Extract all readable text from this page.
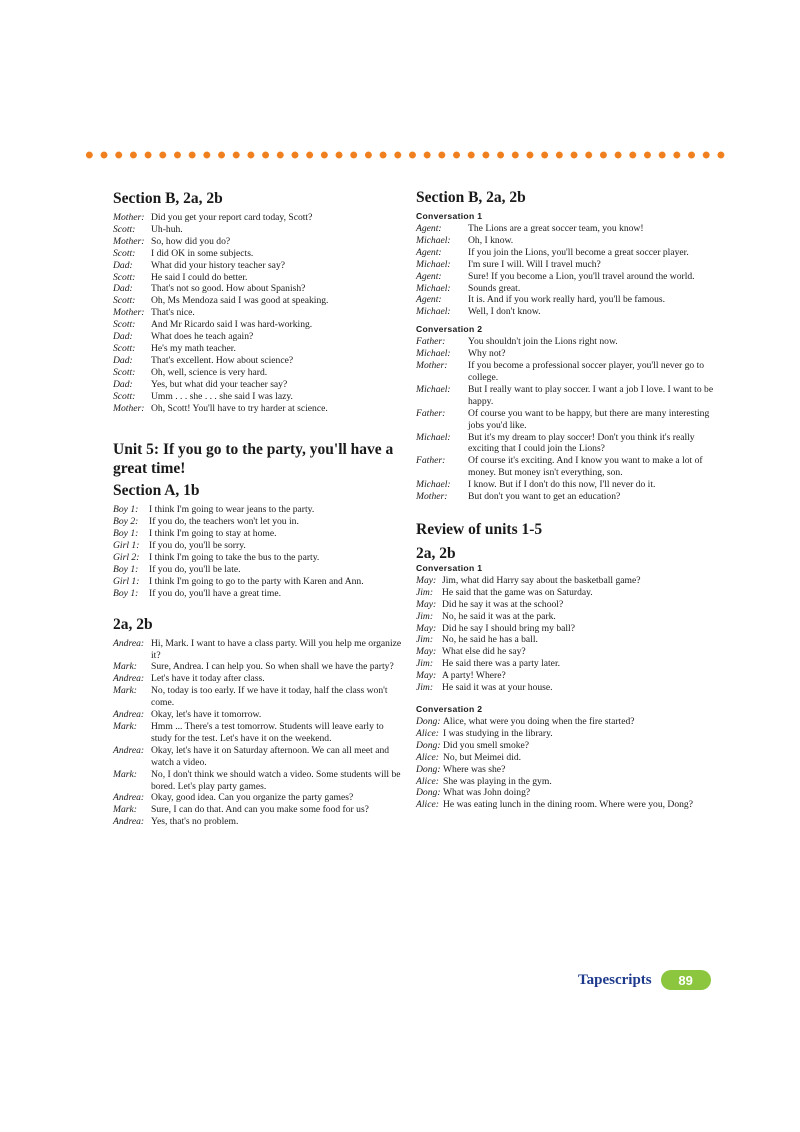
Section B, 2a, 2b
Mother: Did you get your report card today, Scott?
Scott:	Uh-huh.
Mother: So, how did you do?
Scott:	I did OK in some subjects.
Dad:	What did your history teacher say?
Scott:	He said I could do better.
Dad:	That's not so good. How about Spanish?
Scott:	Oh, Ms Mendoza said I was good at speaking.
Mother: That's nice.
Scott:	And Mr Ricardo said I was hard-working.
Dad:	What does he teach again?
Scott:	He's my math teacher.
Dad:	That's excellent. How about science?
Scott:	Oh, well, science is very hard.
Dad:	Yes, but what did your teacher say?
Scott:	Umm . . . she . . . she said I was lazy.
Mother: Oh, Scott! You'll have to try harder at science.
Unit 5: If you go to the party, you'll have a great time!
Section A, 1b
Boy 1:	I think I'm going to wear jeans to the party.
Boy 2:	If you do, the teachers won't let you in.
Boy 1:	I think I'm going to stay at home.
Girl 1:	If you do, you'll be sorry.
Girl 2:	I think I'm going to take the bus to the party.
Boy 1:	If you do, you'll be late.
Girl 1:	I think I'm going to go to the party with Karen and Ann.
Boy 1:	If you do, you'll have a great time.
2a, 2b
Andrea: Hi, Mark. I want to have a class party. Will you help me organize it?
Mark:	Sure, Andrea. I can help you. So when shall we have the party?
Andrea: Let's have it today after class.
Mark:	No, today is too early. If we have it today, half the class won't come.
Andrea: Okay, let's have it tomorrow.
Mark:	Hmm ... There's a test tomorrow. Students will leave early to study for the test. Let's have it on the weekend.
Andrea: Okay, let's have it on Saturday afternoon. We can all meet and watch a video.
Mark:	No, I don't think we should watch a video. Some students will be bored. Let's play party games.
Andrea: Okay, good idea. Can you organize the party games?
Mark:	Sure, I can do that. And can you make some food for us?
Andrea: Yes, that's no problem.
Section B, 2a, 2b
Conversation 1
Agent:	The Lions are a great soccer team, you know!
Michael:	Oh, I know.
Agent:	If you join the Lions, you'll become a great soccer player.
Michael:	I'm sure I will. Will I travel much?
Agent:	Sure! If you become a Lion, you'll travel around the world.
Michael:	Sounds great.
Agent:	It is. And if you work really hard, you'll be famous.
Michael:	Well, I don't know.
Conversation 2
Father:	You shouldn't join the Lions right now.
Michael:	Why not?
Mother:	If you become a professional soccer player, you'll never go to college.
Michael:	But I really want to play soccer. I want a job I love. I want to be happy.
Father:	Of course you want to be happy, but there are many interesting jobs you'd like.
Michael:	But it's my dream to play soccer! Don't you think it's really exciting that I could join the Lions?
Father:	Of course it's exciting. And I know you want to make a lot of money. But money isn't everything, son.
Michael:	I know. But if I don't do this now, I'll never do it.
Mother:	But don't you want to get an education?
Review of units 1-5
2a, 2b
Conversation 1
May: Jim, what did Harry say about the basketball game?
Jim: He said that the game was on Saturday.
May: Did he say it was at the school?
Jim: No, he said it was at the park.
May: Did he say I should bring my ball?
Jim: No, he said he has a ball.
May: What else did he say?
Jim: He said there was a party later.
May: A party! Where?
Jim: He said it was at your house.
Conversation 2
Dong: Alice, what were you doing when the fire started?
Alice: I was studying in the library.
Dong: Did you smell smoke?
Alice: No, but Meimei did.
Dong: Where was she?
Alice: She was playing in the gym.
Dong: What was John doing?
Alice: He was eating lunch in the dining room. Where were you, Dong?
Tapescripts	89
